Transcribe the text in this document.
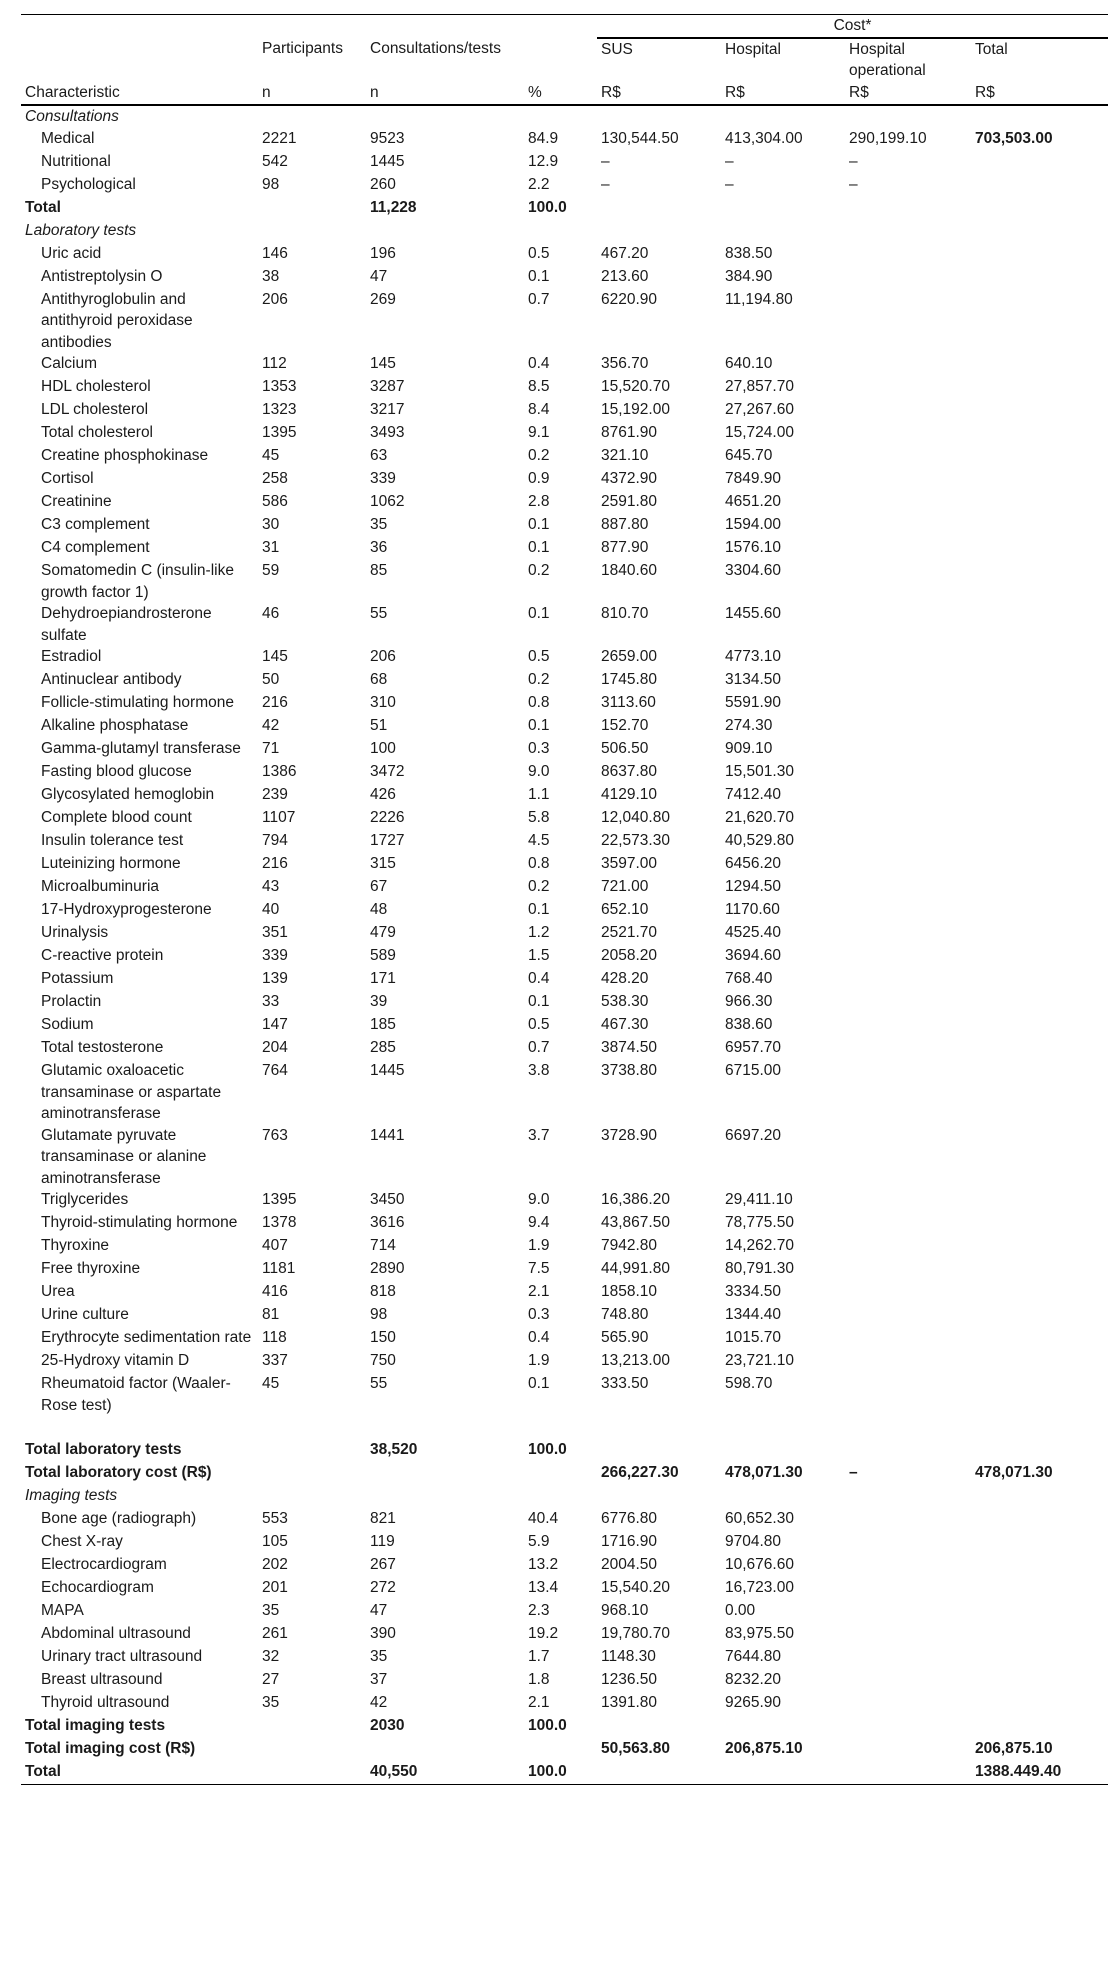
				Cost*			
	Participants	Consultations/tests		SUS	Hospital	Hospital operational	Total
Characteristic	n	n	%	R$	R$	R$	R$
Consultations							
Medical	2221	9523	84.9	130,544.50	413,304.00	290,199.10	703,503.00
Nutritional	542	1445	12.9	–	–	–	
Psychological	98	260	2.2	–	–	–	
Total		11,228	100.0				
Laboratory tests							
Uric acid	146	196	0.5	467.20	838.50		
Antistreptolysin O	38	47	0.1	213.60	384.90		
Antithyroglobulin and antithyroid peroxidase antibodies	206	269	0.7	6220.90	11,194.80		
Calcium	112	145	0.4	356.70	640.10		
HDL cholesterol	1353	3287	8.5	15,520.70	27,857.70		
LDL cholesterol	1323	3217	8.4	15,192.00	27,267.60		
Total cholesterol	1395	3493	9.1	8761.90	15,724.00		
Creatine phosphokinase	45	63	0.2	321.10	645.70		
Cortisol	258	339	0.9	4372.90	7849.90		
Creatinine	586	1062	2.8	2591.80	4651.20		
C3 complement	30	35	0.1	887.80	1594.00		
C4 complement	31	36	0.1	877.90	1576.10		
Somatomedin C (insulin-like growth factor 1)	59	85	0.2	1840.60	3304.60		
Dehydroepiandrosterone sulfate	46	55	0.1	810.70	1455.60		
Estradiol	145	206	0.5	2659.00	4773.10		
Antinuclear antibody	50	68	0.2	1745.80	3134.50		
Follicle-stimulating hormone	216	310	0.8	3113.60	5591.90		
Alkaline phosphatase	42	51	0.1	152.70	274.30		
Gamma-glutamyl transferase	71	100	0.3	506.50	909.10		
Fasting blood glucose	1386	3472	9.0	8637.80	15,501.30		
Glycosylated hemoglobin	239	426	1.1	4129.10	7412.40		
Complete blood count	1107	2226	5.8	12,040.80	21,620.70		
Insulin tolerance test	794	1727	4.5	22,573.30	40,529.80		
Luteinizing hormone	216	315	0.8	3597.00	6456.20		
Microalbuminuria	43	67	0.2	721.00	1294.50		
17-Hydroxyprogesterone	40	48	0.1	652.10	1170.60		
Urinalysis	351	479	1.2	2521.70	4525.40		
C-reactive protein	339	589	1.5	2058.20	3694.60		
Potassium	139	171	0.4	428.20	768.40		
Prolactin	33	39	0.1	538.30	966.30		
Sodium	147	185	0.5	467.30	838.60		
Total testosterone	204	285	0.7	3874.50	6957.70		
Glutamic oxaloacetic transaminase or aspartate aminotransferase	764	1445	3.8	3738.80	6715.00		
Glutamate pyruvate transaminase or alanine aminotransferase	763	1441	3.7	3728.90	6697.20		
Triglycerides	1395	3450	9.0	16,386.20	29,411.10		
Thyroid-stimulating hormone	1378	3616	9.4	43,867.50	78,775.50		
Thyroxine	407	714	1.9	7942.80	14,262.70		
Free thyroxine	1181	2890	7.5	44,991.80	80,791.30		
Urea	416	818	2.1	1858.10	3334.50		
Urine culture	81	98	0.3	748.80	1344.40		
Erythrocyte sedimentation rate	118	150	0.4	565.90	1015.70		
25-Hydroxy vitamin D	337	750	1.9	13,213.00	23,721.10		
Rheumatoid factor (Waaler-Rose test)	45	55	0.1	333.50	598.70		

Total laboratory tests		38,520	100.0				
Total laboratory cost (R$)				266,227.30	478,071.30	–	478,071.30
Imaging tests							
Bone age (radiograph)	553	821	40.4	6776.80	60,652.30		
Chest X-ray	105	119	5.9	1716.90	9704.80		
Electrocardiogram	202	267	13.2	2004.50	10,676.60		
Echocardiogram	201	272	13.4	15,540.20	16,723.00		
MAPA	35	47	2.3	968.10	0.00		
Abdominal ultrasound	261	390	19.2	19,780.70	83,975.50		
Urinary tract ultrasound	32	35	1.7	1148.30	7644.80		
Breast ultrasound	27	37	1.8	1236.50	8232.20		
Thyroid ultrasound	35	42	2.1	1391.80	9265.90		
Total imaging tests		2030	100.0				
Total imaging cost (R$)				50,563.80	206,875.10		206,875.10
Total		40,550	100.0				1388.449.40
